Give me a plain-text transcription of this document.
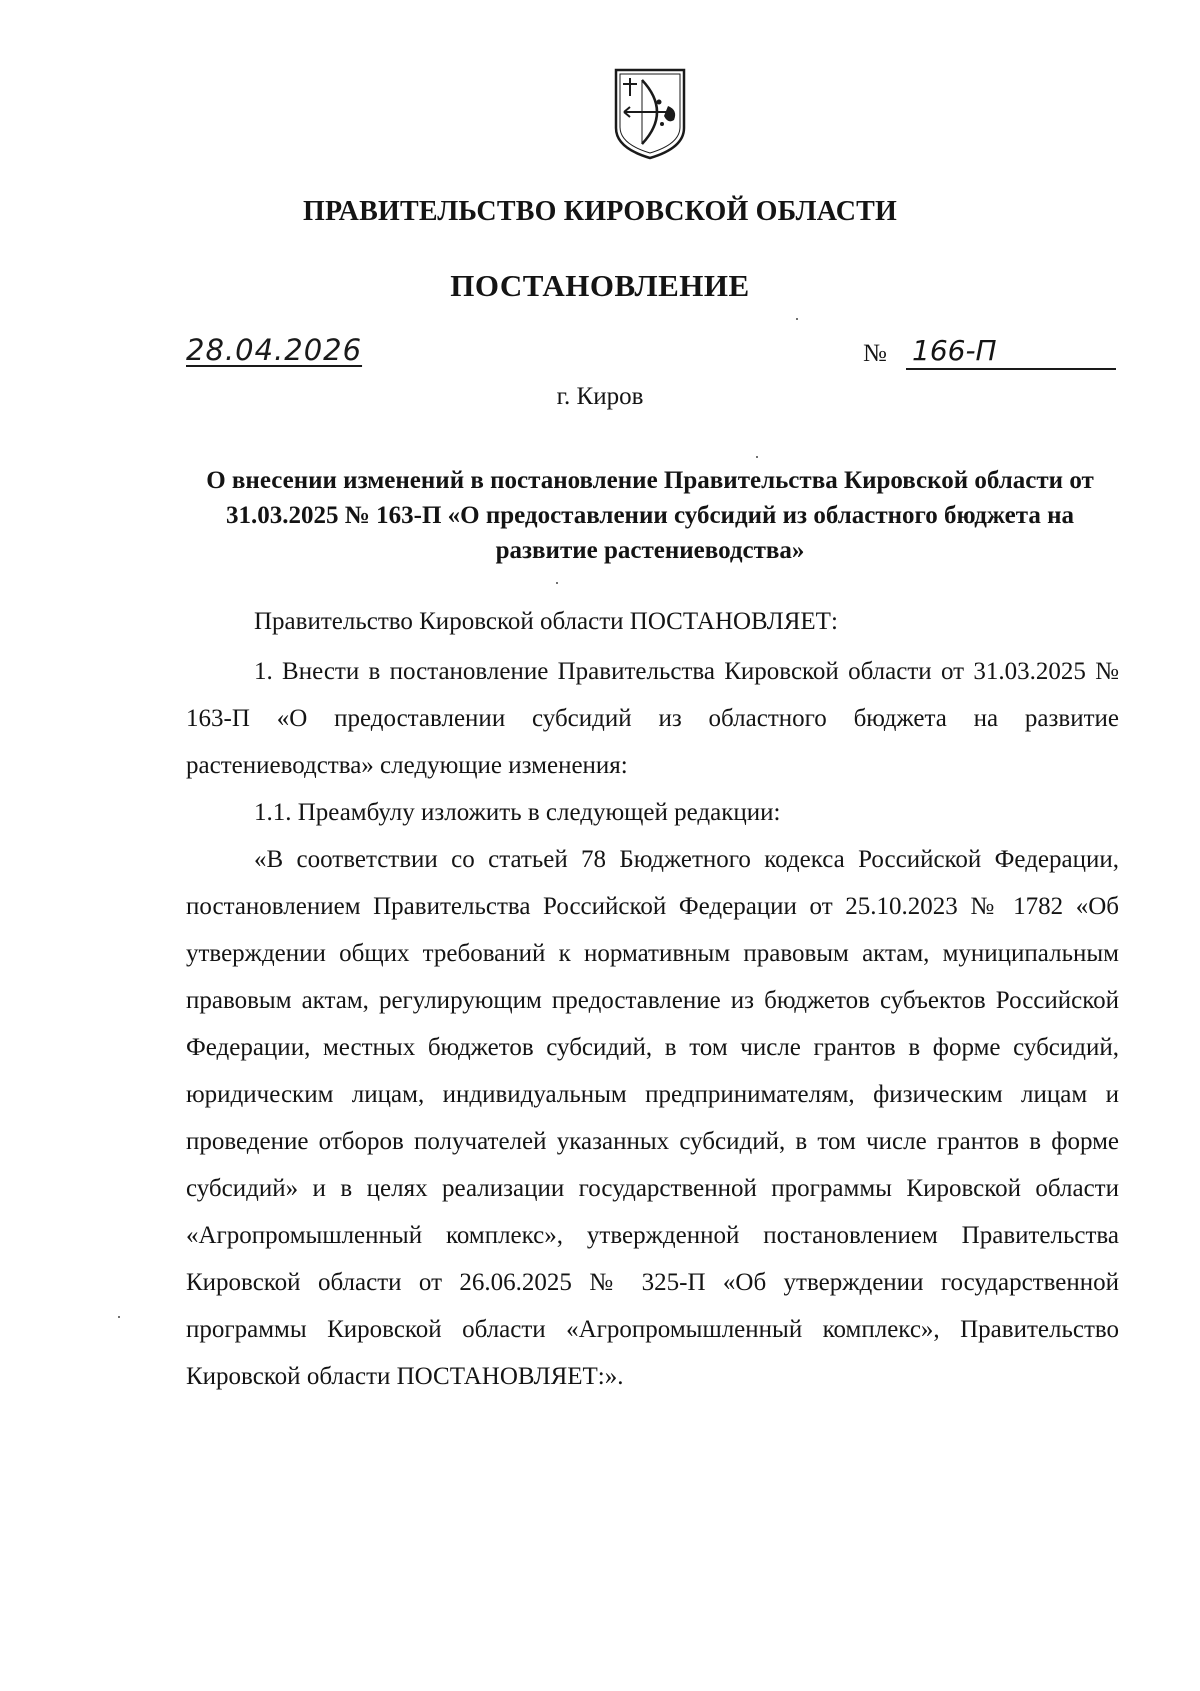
ПРАВИТЕЛЬСТВО КИРОВСКОЙ ОБЛАСТИ
ПОСТАНОВЛЕНИЕ
28.04.2026	№ 166-П
г. Киров
О внесении изменений в постановление Правительства Кировской области от 31.03.2025 № 163-П «О предоставлении субсидий из областного бюджета на развитие растениеводства»

Правительство Кировской области ПОСТАНОВЛЯЕТ:

1. Внести в постановление Правительства Кировской области от 31.03.2025 № 163-П «О предоставлении субсидий из областного бюджета на развитие растениеводства» следующие изменения:

1.1. Преамбулу изложить в следующей редакции:

«В соответствии со статьей 78 Бюджетного кодекса Российской Федерации, постановлением Правительства Российской Федерации от 25.10.2023 № 1782 «Об утверждении общих требований к нормативным правовым актам, муниципальным правовым актам, регулирующим предоставление из бюджетов субъектов Российской Федерации, местных бюджетов субсидий, в том числе грантов в форме субсидий, юридическим лицам, индивидуальным предпринимателям, физическим лицам и проведение отборов получателей указанных субсидий, в том числе грантов в форме субсидий» и в целях реализации государственной программы Кировской области «Агропромышленный комплекс», утвержденной постановлением Правительства Кировской области от 26.06.2025 № 325-П «Об утверждении государственной программы Кировской области «Агропромышленный комплекс», Правительство Кировской области ПОСТАНОВЛЯЕТ:».
